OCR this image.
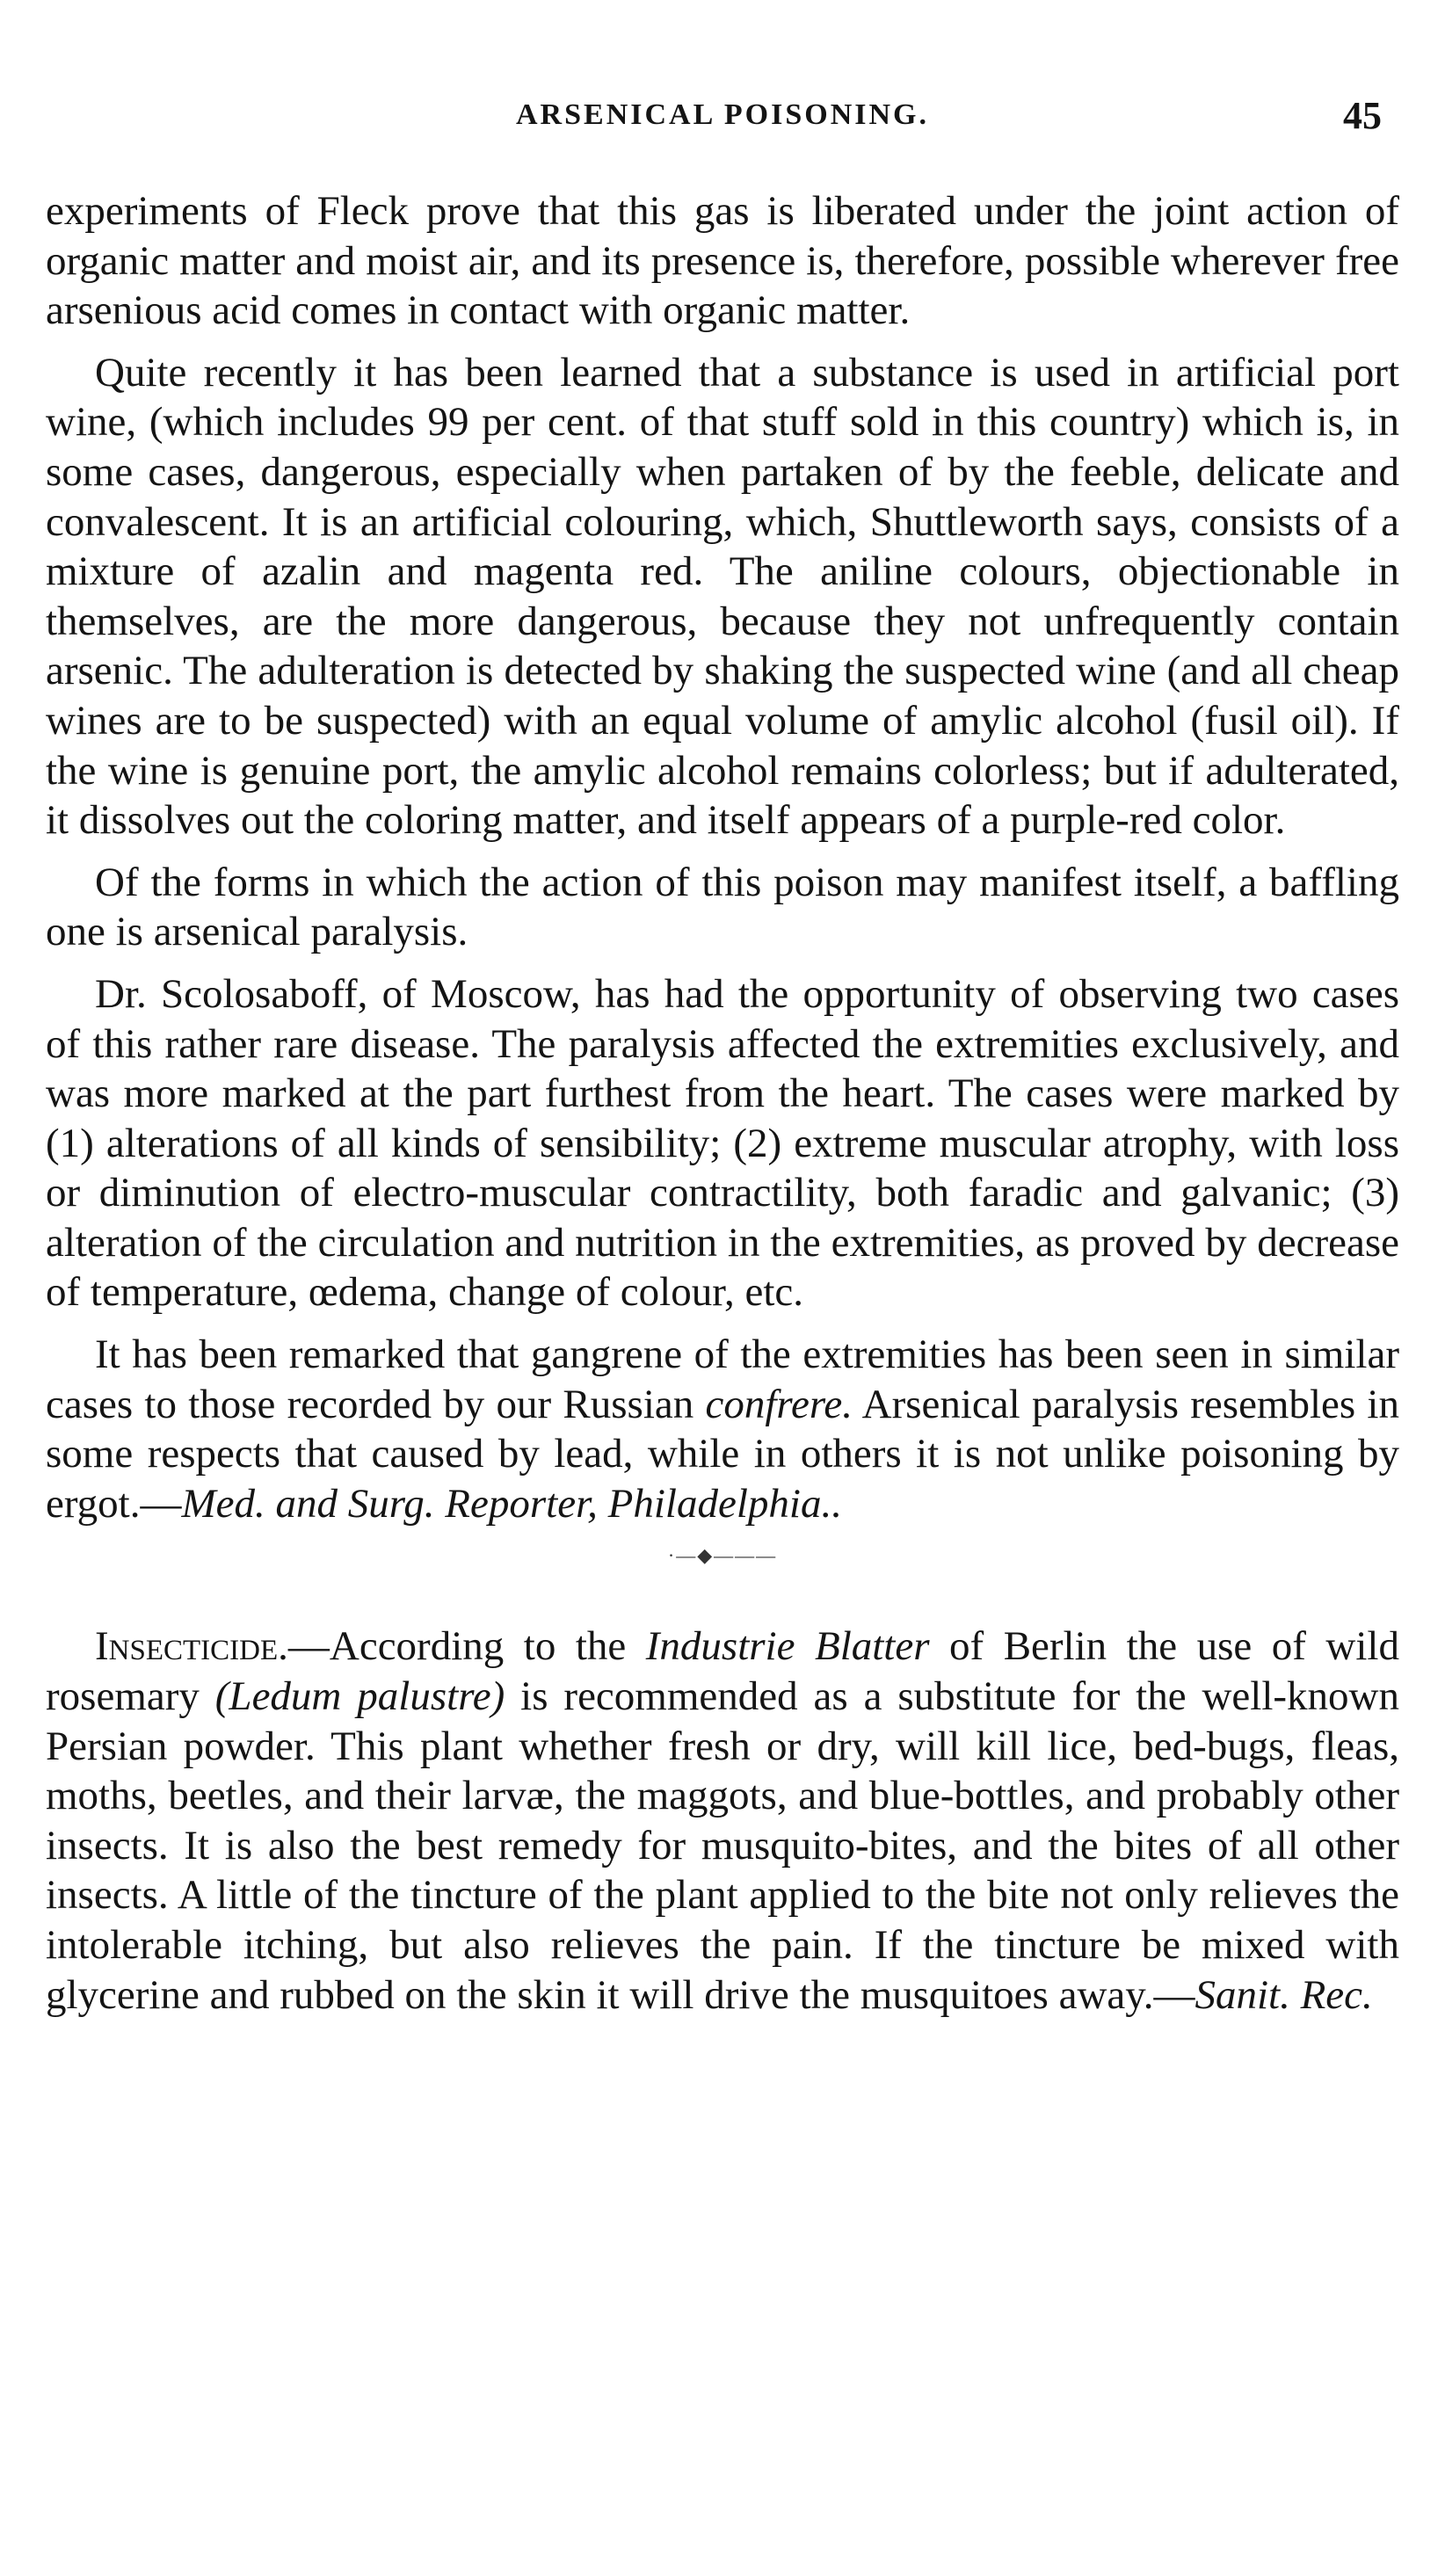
ARSENICAL POISONING.	45

experiments of Fleck prove that this gas is liberated under the joint action of organic matter and moist air, and its presence is, therefore, possible wherever free arsenious acid comes in contact with organic matter.

Quite recently it has been learned that a substance is used in artificial port wine, (which includes 99 per cent. of that stuff sold in this country) which is, in some cases, dangerous, especially when partaken of by the feeble, delicate and convalescent. It is an artificial colouring, which, Shuttleworth says, consists of a mixture of azalin and magenta red. The aniline colours, objectionable in themselves, are the more dangerous, because they not unfrequently contain arsenic. The adulteration is detected by shaking the suspected wine (and all cheap wines are to be suspected) with an equal volume of amylic alcohol (fusil oil). If the wine is genuine port, the amylic alcohol remains colorless; but if adulterated, it dissolves out the coloring matter, and itself appears of a purple-red color.

Of the forms in which the action of this poison may manifest itself, a baffling one is arsenical paralysis.

Dr. Scolosaboff, of Moscow, has had the opportunity of observing two cases of this rather rare disease. The paralysis affected the extremities exclusively, and was more marked at the part furthest from the heart. The cases were marked by (1) alterations of all kinds of sensibility; (2) extreme muscular atrophy, with loss or diminution of electro-muscular contractility, both faradic and galvanic; (3) alteration of the circulation and nutrition in the extremities, as proved by decrease of temperature, œdema, change of colour, etc.

It has been remarked that gangrene of the extremities has been seen in similar cases to those recorded by our Russian confrere. Arsenical paralysis resembles in some respects that caused by lead, while in others it is not unlike poisoning by ergot.—Med. and Surg. Reporter, Philadelphia..

·—◆———

Insecticide.—According to the Industrie Blatter of Berlin the use of wild rosemary (Ledum palustre) is recommended as a substitute for the well-known Persian powder. This plant whether fresh or dry, will kill lice, bed-bugs, fleas, moths, beetles, and their larvæ, the maggots, and blue-bottles, and probably other insects. It is also the best remedy for musquito-bites, and the bites of all other insects. A little of the tincture of the plant applied to the bite not only relieves the intolerable itching, but also relieves the pain. If the tincture be mixed with glycerine and rubbed on the skin it will drive the musquitoes away.—Sanit. Rec.
